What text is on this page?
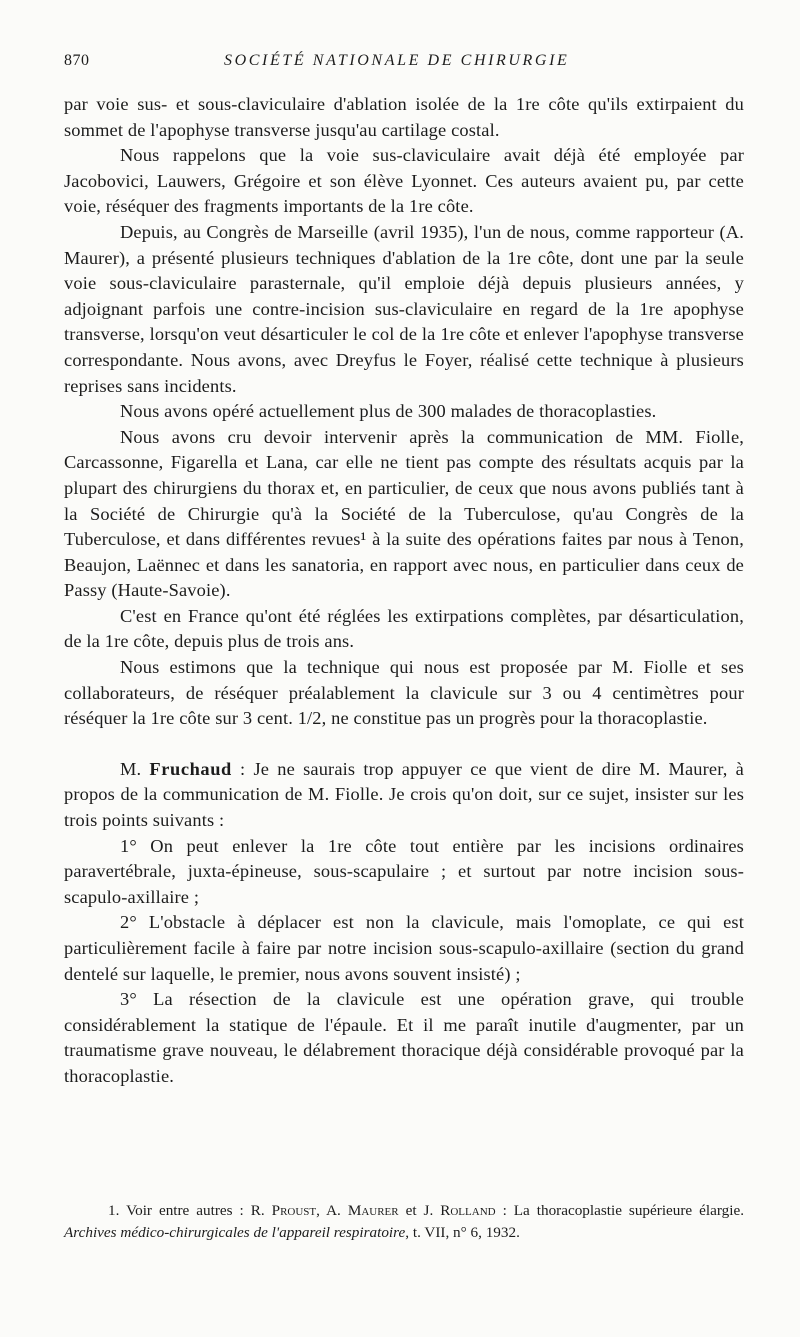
870	SOCIÉTÉ NATIONALE DE CHIRURGIE

par voie sus- et sous-claviculaire d'ablation isolée de la 1re côte qu'ils extirpaient du sommet de l'apophyse transverse jusqu'au cartilage costal.

Nous rappelons que la voie sus-claviculaire avait déjà été employée par Jacobovici, Lauwers, Grégoire et son élève Lyonnet. Ces auteurs avaient pu, par cette voie, réséquer des fragments importants de la 1re côte.

Depuis, au Congrès de Marseille (avril 1935), l'un de nous, comme rapporteur (A. Maurer), a présenté plusieurs techniques d'ablation de la 1re côte, dont une par la seule voie sous-claviculaire parasternale, qu'il emploie déjà depuis plusieurs années, y adjoignant parfois une contre-incision sus-claviculaire en regard de la 1re apophyse transverse, lorsqu'on veut désarticuler le col de la 1re côte et enlever l'apophyse transverse correspondante. Nous avons, avec Dreyfus le Foyer, réalisé cette technique à plusieurs reprises sans incidents.

Nous avons opéré actuellement plus de 300 malades de thoracoplasties.

Nous avons cru devoir intervenir après la communication de MM. Fiolle, Carcassonne, Figarella et Lana, car elle ne tient pas compte des résultats acquis par la plupart des chirurgiens du thorax et, en particulier, de ceux que nous avons publiés tant à la Société de Chirurgie qu'à la Société de la Tuberculose, qu'au Congrès de la Tuberculose, et dans différentes revues¹ à la suite des opérations faites par nous à Tenon, Beaujon, Laënnec et dans les sanatoria, en rapport avec nous, en particulier dans ceux de Passy (Haute-Savoie).

C'est en France qu'ont été réglées les extirpations complètes, par désarticulation, de la 1re côte, depuis plus de trois ans.

Nous estimons que la technique qui nous est proposée par M. Fiolle et ses collaborateurs, de réséquer préalablement la clavicule sur 3 ou 4 centimètres pour réséquer la 1re côte sur 3 cent. 1/2, ne constitue pas un progrès pour la thoracoplastie.

M. Fruchaud : Je ne saurais trop appuyer ce que vient de dire M. Maurer, à propos de la communication de M. Fiolle. Je crois qu'on doit, sur ce sujet, insister sur les trois points suivants :

1° On peut enlever la 1re côte tout entière par les incisions ordinaires paravertébrale, juxta-épineuse, sous-scapulaire ; et surtout par notre incision sous-scapulo-axillaire ;

2° L'obstacle à déplacer est non la clavicule, mais l'omoplate, ce qui est particulièrement facile à faire par notre incision sous-scapulo-axillaire (section du grand dentelé sur laquelle, le premier, nous avons souvent insisté) ;

3° La résection de la clavicule est une opération grave, qui trouble considérablement la statique de l'épaule. Et il me paraît inutile d'augmenter, par un traumatisme grave nouveau, le délabrement thoracique déjà considérable provoqué par la thoracoplastie.

1. Voir entre autres : R. Proust, A. Maurer et J. Rolland : La thoracoplastie supérieure élargie. Archives médico-chirurgicales de l'appareil respiratoire, t. VII, n° 6, 1932.
